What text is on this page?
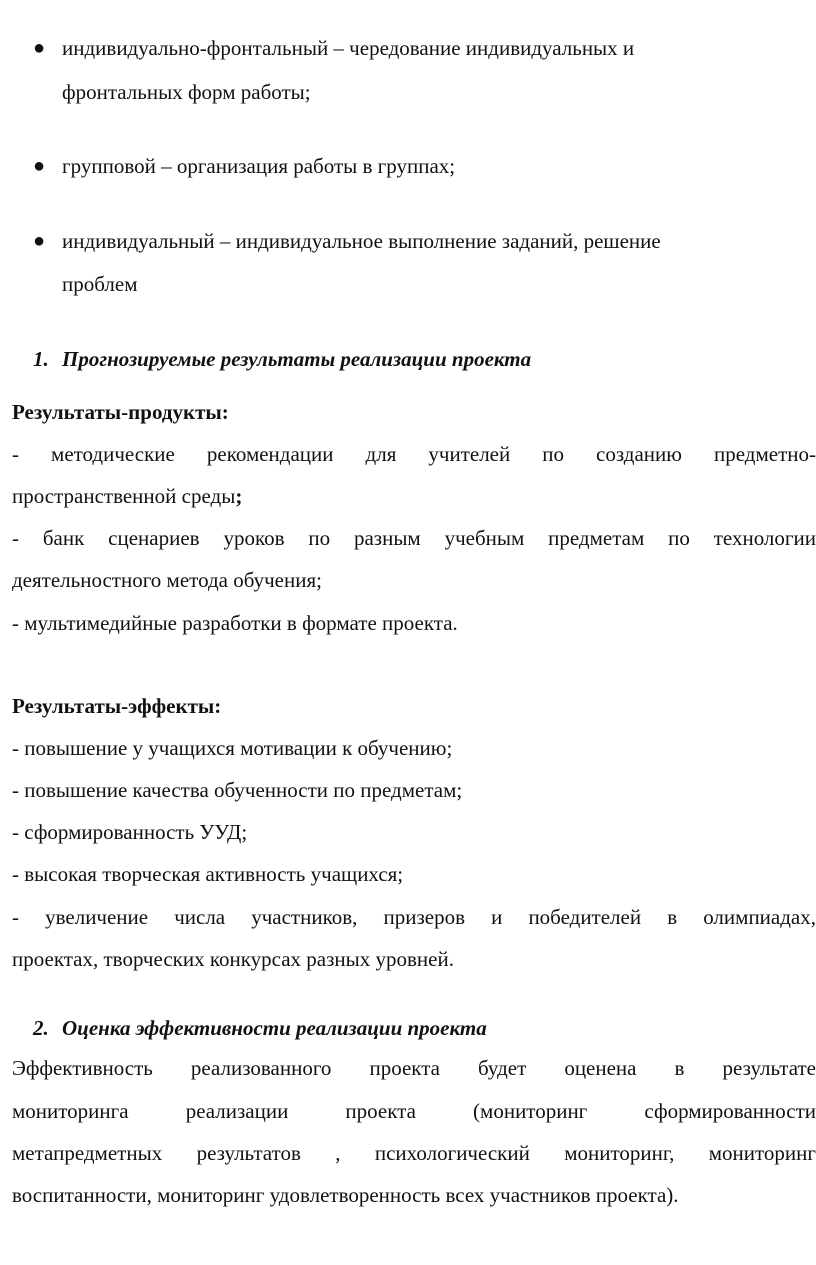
● индивидуально-фронтальный – чередование индивидуальных и
фронтальных форм работы;
● групповой – организация работы в группах;
● индивидуальный – индивидуальное выполнение заданий, решение
проблем
1. Прогнозируемые результаты реализации проекта
Результаты-продукты:
- методические рекомендации для учителей по созданию предметно-
пространственной среды;
- банк сценариев уроков по разным учебным предметам по технологии
деятельностного метода обучения;
- мультимедийные разработки в формате проекта.
Результаты-эффекты:
- повышение у учащихся мотивации к обучению;
- повышение качества обученности по предметам;
- сформированность УУД;
- высокая творческая активность учащихся;
- увеличение числа участников, призеров и победителей в олимпиадах,
проектах, творческих конкурсах разных уровней.
2. Оценка эффективности реализации проекта
Эффективность реализованного проекта будет оценена в результате
мониторинга реализации проекта (мониторинг сформированности
метапредметных результатов , психологический мониторинг, мониторинг
воспитанности, мониторинг удовлетворенность всех участников проекта).
